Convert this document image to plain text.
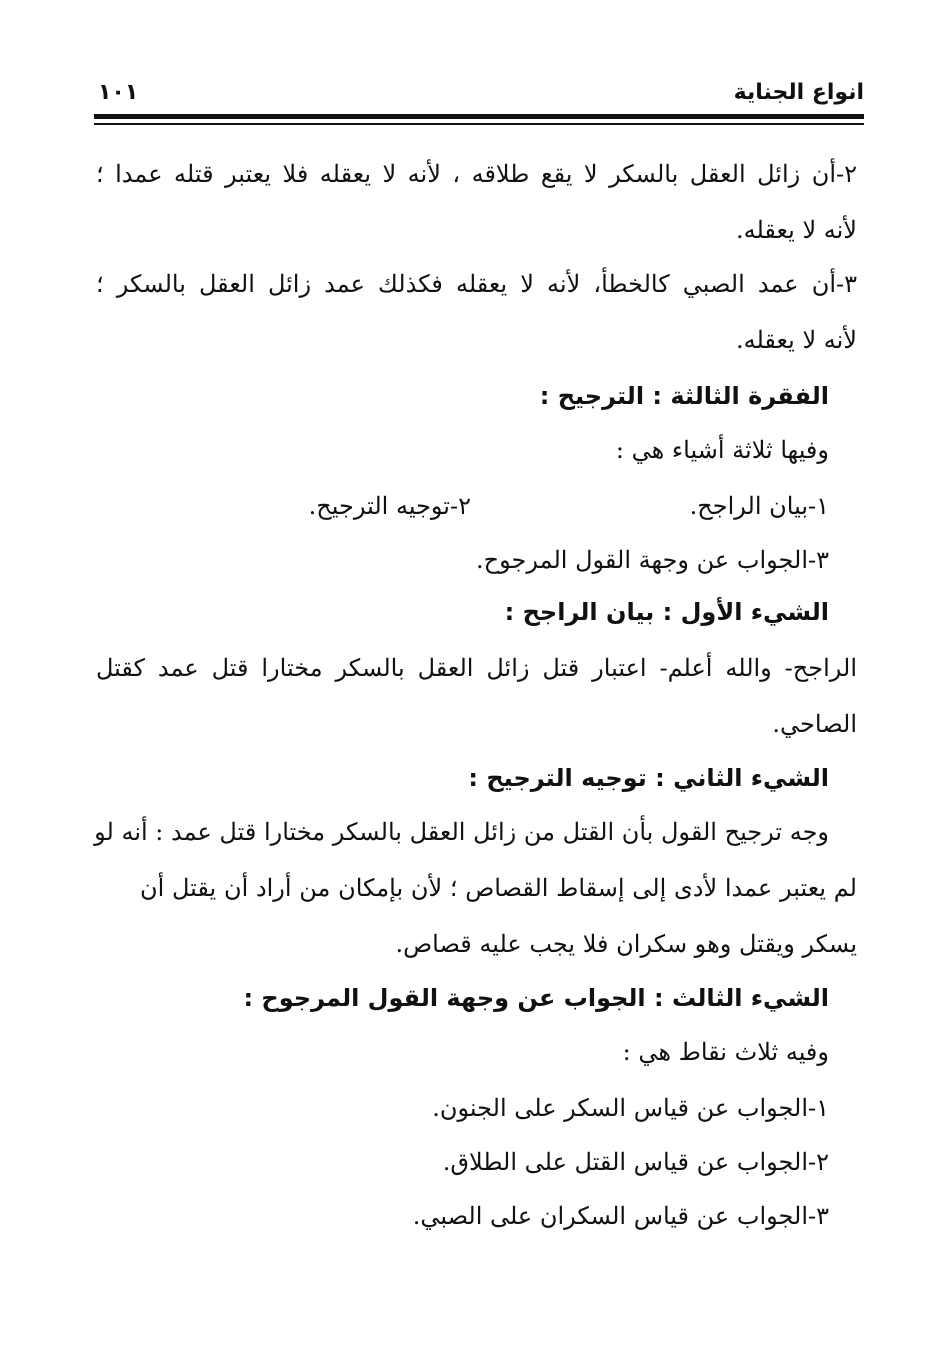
انواع الجناية
١٠١
٢-أن زائل العقل بالسكر لا يقع طلاقه ، لأنه لا يعقله فلا يعتبر قتله عمدا ؛
لأنه لا يعقله.
٣-أن عمد الصبي كالخطأ، لأنه لا يعقله فكذلك عمد زائل العقل بالسكر ؛
لأنه لا يعقله.
الفقرة الثالثة : الترجيح :
وفيها ثلاثة أشياء هي :
١-بيان الراجح.
٢-توجيه الترجيح.
٣-الجواب عن وجهة القول المرجوح.
الشيء الأول : بيان الراجح :
الراجح- والله أعلم- اعتبار قتل زائل العقل بالسكر مختارا قتل عمد كقتل
الصاحي.
الشيء الثاني : توجيه الترجيح :
وجه ترجيح القول بأن القتل من زائل العقل بالسكر مختارا قتل عمد : أنه لو
لم يعتبر عمدا لأدى إلى إسقاط القصاص ؛ لأن بإمكان من أراد أن يقتل أن
يسكر ويقتل وهو سكران فلا يجب عليه قصاص.
الشيء الثالث : الجواب عن وجهة القول المرجوح :
وفيه ثلاث نقاط هي :
١-الجواب عن قياس السكر على الجنون.
٢-الجواب عن قياس القتل على الطلاق.
٣-الجواب عن قياس السكران على الصبي.
